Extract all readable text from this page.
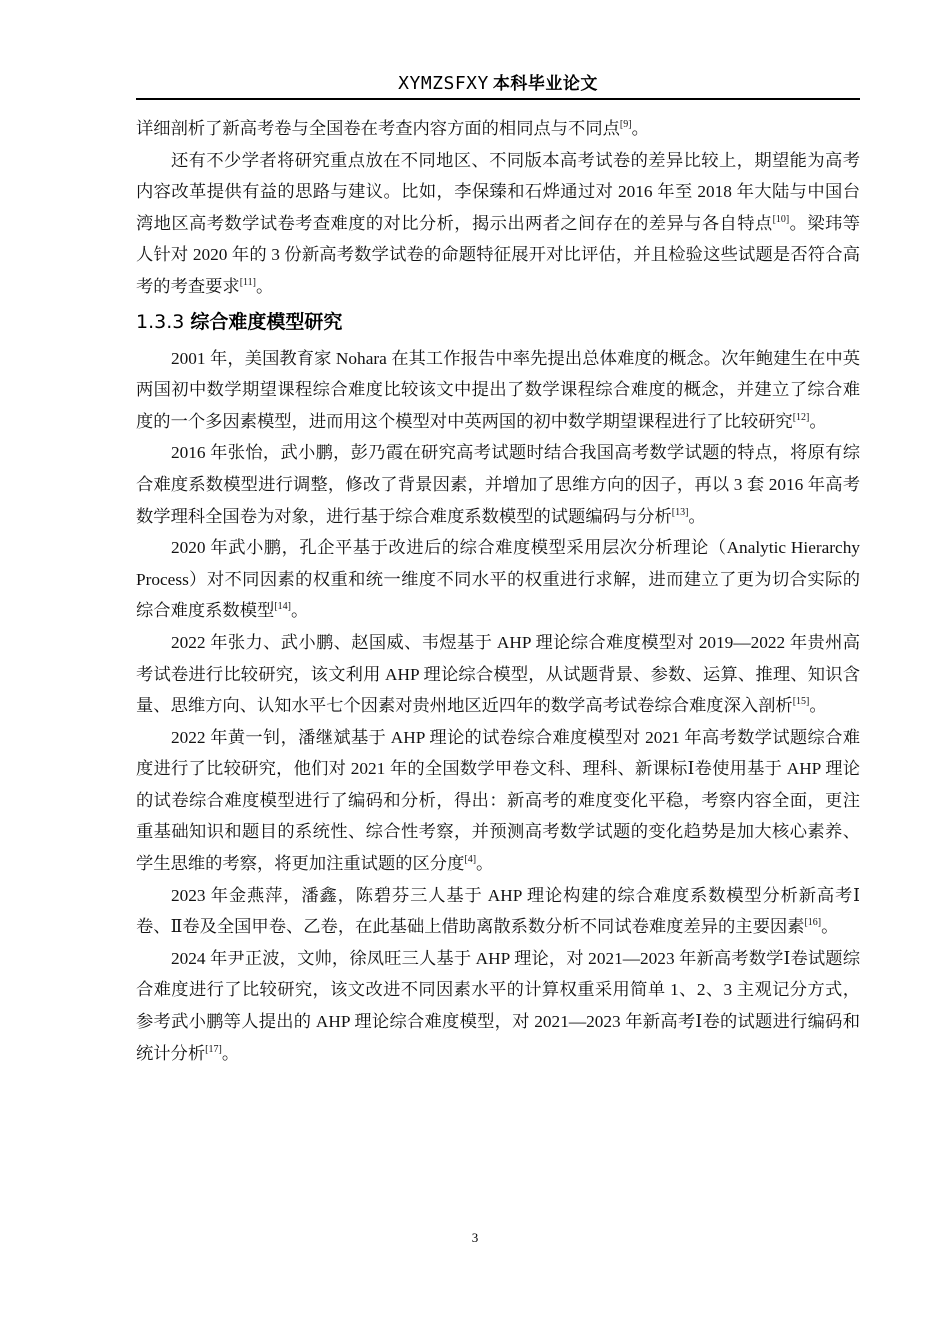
XYMZSFXY 本科毕业论文

详细剖析了新高考卷与全国卷在考查内容方面的相同点与不同点[9]。

还有不少学者将研究重点放在不同地区、不同版本高考试卷的差异比较上，期望能为高考内容改革提供有益的思路与建议。比如，李保臻和石烨通过对 2016 年至 2018 年大陆与中国台湾地区高考数学试卷考查难度的对比分析，揭示出两者之间存在的差异与各自特点[10]。梁玮等人针对 2020 年的 3 份新高考数学试卷的命题特征展开对比评估，并且检验这些试题是否符合高考的考查要求[11]。

1.3.3 综合难度模型研究

2001 年，美国教育家 Nohara 在其工作报告中率先提出总体难度的概念。次年鲍建生在中英两国初中数学期望课程综合难度比较该文中提出了数学课程综合难度的概念，并建立了综合难度的一个多因素模型，进而用这个模型对中英两国的初中数学期望课程进行了比较研究[12]。

2016 年张怡，武小鹏，彭乃霞在研究高考试题时结合我国高考数学试题的特点，将原有综合难度系数模型进行调整，修改了背景因素，并增加了思维方向的因子，再以 3 套 2016 年高考数学理科全国卷为对象，进行基于综合难度系数模型的试题编码与分析[13]。

2020 年武小鹏，孔企平基于改进后的综合难度模型采用层次分析理论（Analytic Hierarchy Process）对不同因素的权重和统一维度不同水平的权重进行求解，进而建立了更为切合实际的综合难度系数模型[14]。

2022 年张力、武小鹏、赵国威、韦煜基于 AHP 理论综合难度模型对 2019—2022 年贵州高考试卷进行比较研究，该文利用 AHP 理论综合模型，从试题背景、参数、运算、推理、知识含量、思维方向、认知水平七个因素对贵州地区近四年的数学高考试卷综合难度深入剖析[15]。

2022 年黄一钊，潘继斌基于 AHP 理论的试卷综合难度模型对 2021 年高考数学试题综合难度进行了比较研究，他们对 2021 年的全国数学甲卷文科、理科、新课标Ⅰ卷使用基于 AHP 理论的试卷综合难度模型进行了编码和分析，得出：新高考的难度变化平稳，考察内容全面，更注重基础知识和题目的系统性、综合性考察，并预测高考数学试题的变化趋势是加大核心素养、学生思维的考察，将更加注重试题的区分度[4]。

2023 年金燕萍，潘鑫，陈碧芬三人基于 AHP 理论构建的综合难度系数模型分析新高考Ⅰ卷、Ⅱ卷及全国甲卷、乙卷，在此基础上借助离散系数分析不同试卷难度差异的主要因素[16]。

2024 年尹正波，文帅，徐凤旺三人基于 AHP 理论，对 2021—2023 年新高考数学Ⅰ卷试题综合难度进行了比较研究，该文改进不同因素水平的计算权重采用简单 1、2、3 主观记分方式，参考武小鹏等人提出的 AHP 理论综合难度模型，对 2021—2023 年新高考Ⅰ卷的试题进行编码和统计分析[17]。

3
